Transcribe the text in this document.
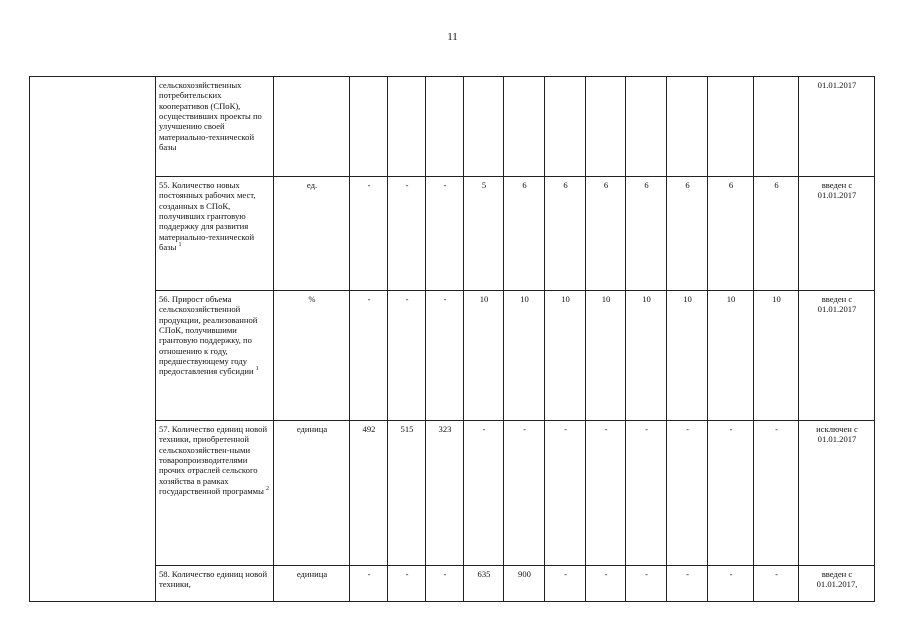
11
	сельскохозяйственных потребительских кооперативов (СПоК), осуществивших проекты по улучшению своей материально-технической базы													01.01.2017
	55. Количество новых постоянных рабочих мест, созданных в СПоК, получивших грантовую поддержку для развития материально-технической базы $^1$	ед.	-	-	-	5	6	6	6	6	6	6	6	введен с 01.01.2017
	56. Прирост объема сельскохозяйственной продукции, реализованной СПоК, получившими грантовую поддержку, по отношению к году, предшествующему году предоставления субсидии $^1$	%	-	-	-	10	10	10	10	10	10	10	10	введен с 01.01.2017
	57. Количество единиц новой техники, приобретенной сельскохозяйствен-ными товаропроизводителями прочих отраслей сельского хозяйства в рамках государственной программы $^2$	единица	492	515	323	-	-	-	-	-	-	-	-	исключен с 01.01.2017
	58. Количество единиц новой техники,	единица	-	-	-	635	900	-	-	-	-	-	-	введен с 01.01.2017,
